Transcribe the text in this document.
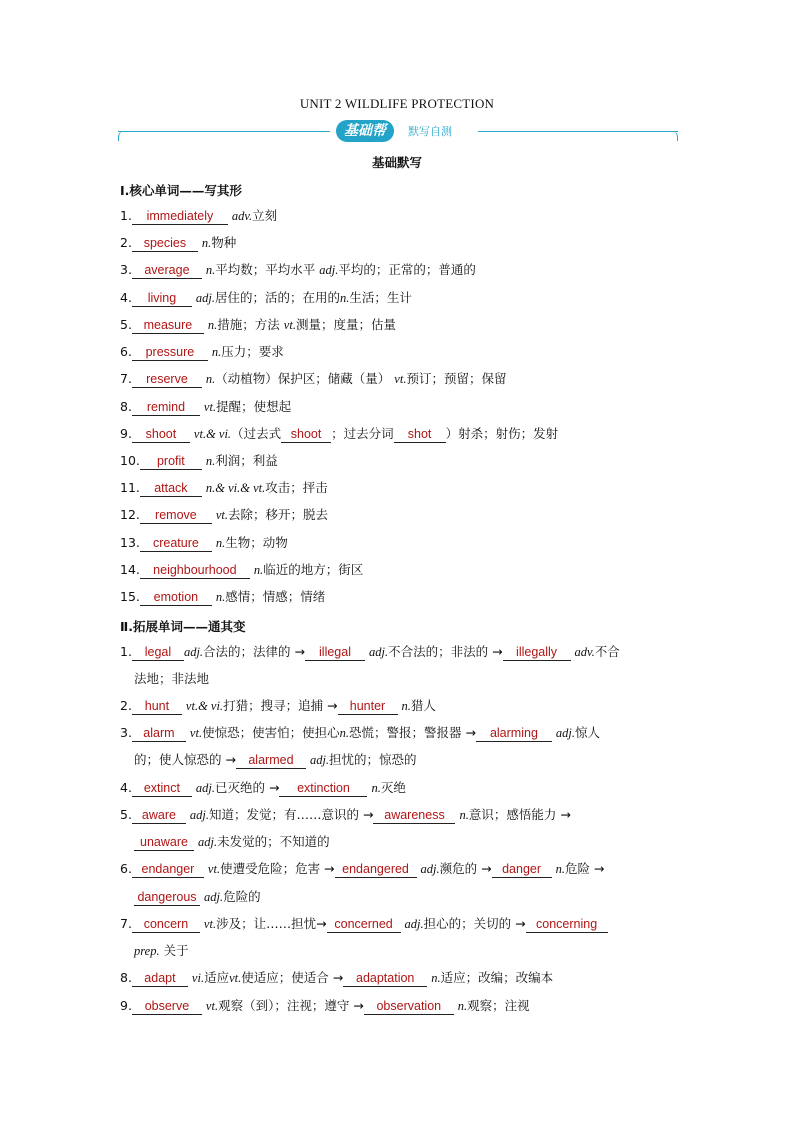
UNIT 2 WILDLIFE PROTECTION
基础帮	默写自测
基础默写
Ⅰ.核心单词——写其形
1. immediately adv.立刻
2. species n.物种
3. average n.平均数；平均水平 adj.平均的；正常的；普通的
4. living adj.居住的；活的；在用的n.生活；生计
5. measure n.措施；方法 vt.测量；度量；估量
6. pressure n.压力；要求
7. reserve n.（动植物）保护区；储藏（量） vt.预订；预留；保留
8. remind vt.提醒；使想起
9. shoot vt.& vi.（过去式 shoot ；过去分词 shot ）射杀；射伤；发射
10. profit n.利润；利益
11. attack n.& vi.& vt.攻击；抨击
12. remove vt.去除；移开；脱去
13. creature n.生物；动物
14. neighbourhood n.临近的地方；街区
15. emotion n.感情；情感；情绪
Ⅱ.拓展单词——通其变
1. legal adj.合法的；法律的 → illegal adj.不合法的；非法的 → illegally adv.不合
法地；非法地
2. hunt vt.& vi.打猎；搜寻；追捕 → hunter n.猎人
3. alarm vt.使惊恐；使害怕；使担心n.恐慌；警报；警报器 → alarming adj.惊人
的；使人惊恐的 → alarmed adj.担忧的；惊恐的
4. extinct adj.已灭绝的 → extinction n.灭绝
5. aware adj.知道；发觉；有……意识的 → awareness n.意识；感悟能力 →
unaware adj.未发觉的；不知道的
6. endanger vt.使遭受危险；危害 → endangered adj.濒危的 → danger n.危险 →
dangerous adj.危险的
7. concern vt.涉及；让……担忧→ concerned adj.担心的；关切的 → concerning
prep. 关于
8. adapt vi.适应vt.使适应；使适合 → adaptation n.适应；改编；改编本
9. observe vt.观察（到）；注视；遵守 → observation n.观察；注视
